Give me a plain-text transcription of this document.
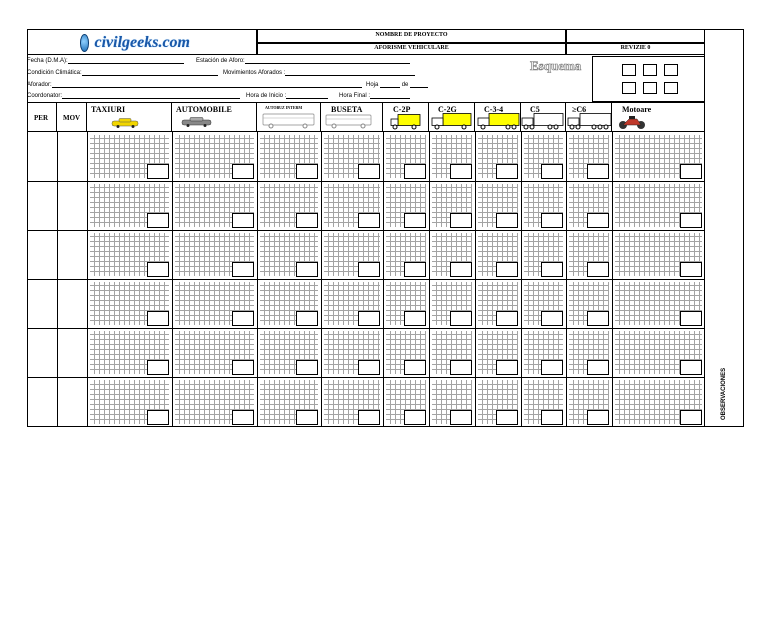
civilgeeks.com	NOMBRE DE PROYECTO
AFORISME VEHICULARE	REVIZIE 0
Fecha (D.M.A):	Estación de Aforo:
Condición Climática:	Movimientos Aforados :
Aforador:	Hoja	de
Coordonator:	Hora de Inicio :	Hora Final :
Esquema
PER MOV
TAXIURI	AUTOMOBILE	AUTOBUZ INTERM	BUSETA	C-2P	C-2G	C-3-4	C5	≥C6	Motoare
OBSERVACIONES
